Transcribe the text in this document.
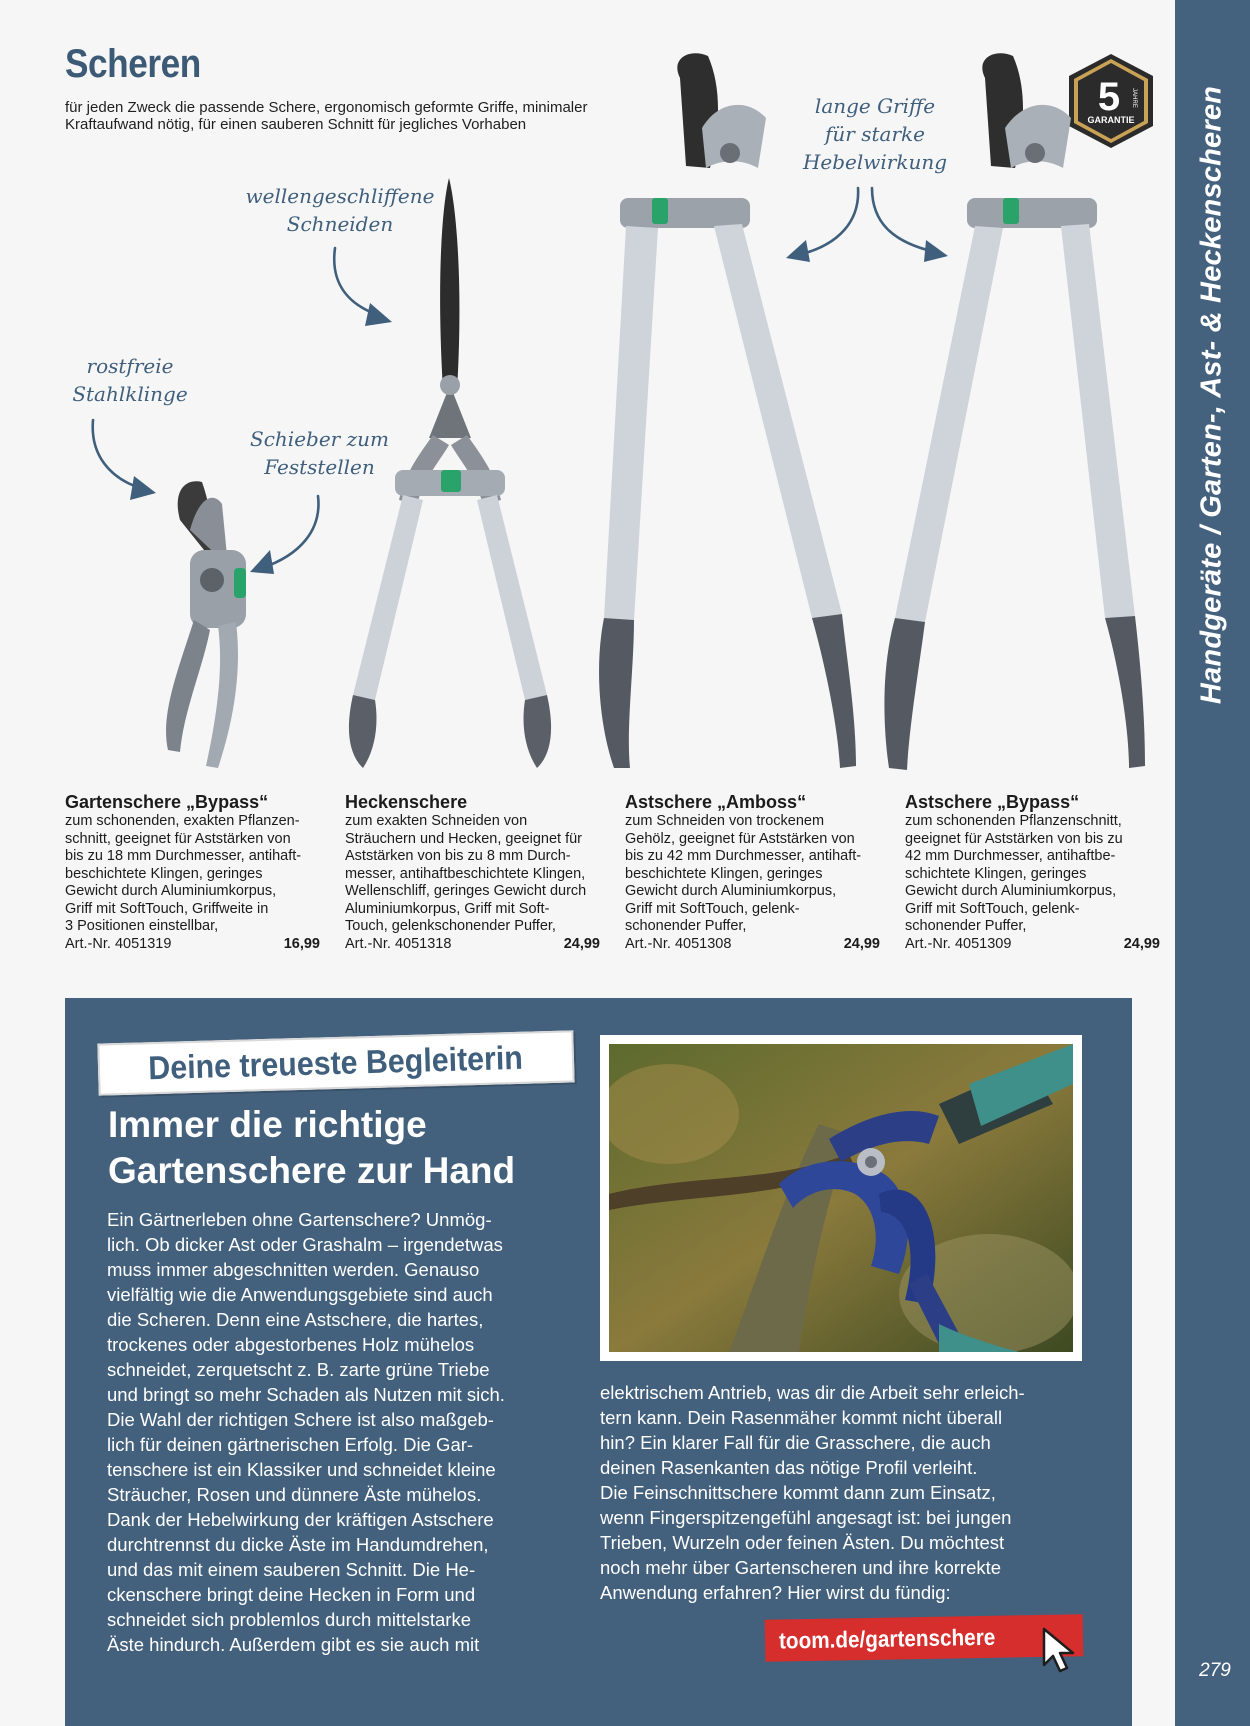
Handgeräte / Garten-, Ast- & Heckenscheren
279
Scheren

für jeden Zweck die passende Schere, ergonomisch geformte Griffe, minimaler Kraftaufwand nötig, für einen sauberen Schnitt für jegliches Vorhaben

5 JAHRE
GARANTIE
wellengeschliffene
Schneiden
rostfreie
Stahlklinge
Schieber zum
Feststellen
lange Griffe
für starke
Hebelwirkung
Gartenschere „Bypass“
zum schonenden, exakten Pflanzen-
schnitt, geeignet für Aststärken von
bis zu 18 mm Durchmesser, antihaft-
beschichtete Klingen, geringes
Gewicht durch Aluminiumkorpus,
Griff mit SoftTouch, Griffweite in
3 Positionen einstellbar,
Art.-Nr. 4051319	16,99
Heckenschere
zum exakten Schneiden von
Sträuchern und Hecken, geeignet für
Aststärken von bis zu 8 mm Durch-
messer, antihaftbeschichtete Klingen,
Wellenschliff, geringes Gewicht durch
Aluminiumkorpus, Griff mit Soft-
Touch, gelenkschonender Puffer,
Art.-Nr. 4051318	24,99
Astschere „Amboss“
zum Schneiden von trockenem
Gehölz, geeignet für Aststärken von
bis zu 42 mm Durchmesser, antihaft-
beschichtete Klingen, geringes
Gewicht durch Aluminiumkorpus,
Griff mit SoftTouch, gelenk-
schonender Puffer,
Art.-Nr. 4051308	24,99
Astschere „Bypass“
zum schonenden Pflanzenschnitt,
geeignet für Aststärken von bis zu
42 mm Durchmesser, antihaftbe-
schichtete Klingen, geringes
Gewicht durch Aluminiumkorpus,
Griff mit SoftTouch, gelenk-
schonender Puffer,
Art.-Nr. 4051309	24,99
Deine treueste Begleiterin
Immer die richtige
Gartenschere zur Hand
Ein Gärtnerleben ohne Gartenschere? Unmög-
lich. Ob dicker Ast oder Grashalm – irgendetwas
muss immer abgeschnitten werden. Genauso
vielfältig wie die Anwendungsgebiete sind auch
die Scheren. Denn eine Astschere, die hartes,
trockenes oder abgestorbenes Holz mühelos
schneidet, zerquetscht z. B. zarte grüne Triebe
und bringt so mehr Schaden als Nutzen mit sich.
Die Wahl der richtigen Schere ist also maßgeb-
lich für deinen gärtnerischen Erfolg. Die Gar-
tenschere ist ein Klassiker und schneidet kleine
Sträucher, Rosen und dünnere Äste mühelos.
Dank der Hebelwirkung der kräftigen Astschere
durchtrennst du dicke Äste im Handumdrehen,
und das mit einem sauberen Schnitt. Die He-
ckenschere bringt deine Hecken in Form und
schneidet sich problemlos durch mittelstarke
Äste hindurch. Außerdem gibt es sie auch mit
elektrischem Antrieb, was dir die Arbeit sehr erleich-
tern kann. Dein Rasenmäher kommt nicht überall
hin? Ein klarer Fall für die Grasschere, die auch
deinen Rasenkanten das nötige Profil verleiht.
Die Feinschnittschere kommt dann zum Einsatz,
wenn Fingerspitzengefühl angesagt ist: bei jungen
Trieben, Wurzeln oder feinen Ästen. Du möchtest
noch mehr über Gartenscheren und ihre korrekte
Anwendung erfahren? Hier wirst du fündig:
toom.de/gartenschere
